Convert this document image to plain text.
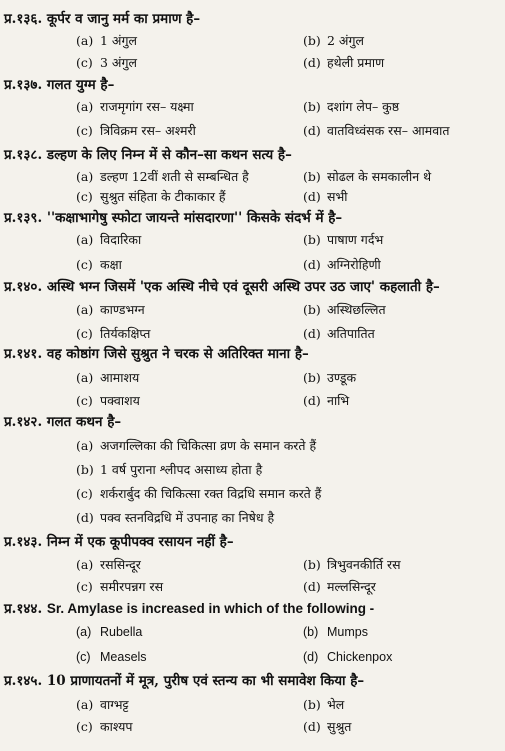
प्र.१३६. कूर्पर व जानु मर्म का प्रमाण है–
(a) 1 अंगुल	(b) 2 अंगुल
(c) 3 अंगुल	(d) हथेली प्रमाण
प्र.१३७. गलत युग्म है–
(a) राजमृगांग रस– यक्ष्मा	(b) दशांग लेप– कुष्ठ
(c) त्रिविक्रम रस– अश्मरी	(d) वातविध्वंसक रस– आमवात
प्र.१३८. डल्हण के लिए निम्न में से कौन–सा कथन सत्य है–
(a) डल्हण 12वीं शती से सम्बन्धित है	(b) सोढल के समकालीन थे
(c) सुश्रुत संहिता के टीकाकार हैं	(d) सभी
प्र.१३९. ''कक्षाभागेषु स्फोटा जायन्ते मांसदारणा'' किसके संदर्भ में है–
(a) विदारिका	(b) पाषाण गर्दभ
(c) कक्षा	(d) अग्निरोहिणी
प्र.१४०. अस्थि भग्न जिसमें 'एक अस्थि नीचे एवं दूसरी अस्थि उपर उठ जाए' कहलाती है–
(a) काण्डभग्न	(b) अस्थिछल्लित
(c) तिर्यकक्षिप्त	(d) अतिपातित
प्र.१४१. वह कोष्ठांग जिसे सुश्रुत ने चरक से अतिरिक्त माना है–
(a) आमाशय	(b) उण्डूक
(c) पक्वाशय	(d) नाभि
प्र.१४२. गलत कथन है–
(a) अजगल्लिका की चिकित्सा व्रण के समान करते हैं
(b) 1 वर्ष पुराना श्लीपद असाध्य होता है
(c) शर्करार्बुद की चिकित्सा रक्त विद्रधि समान करते हैं
(d) पक्व स्तनविद्रधि में उपनाह का निषेध है
प्र.१४३. निम्न में एक कूपीपक्व रसायन नहीं है–
(a) रससिन्दूर	(b) त्रिभुवनकीर्ति रस
(c) समीरपन्नग रस	(d) मल्लसिन्दूर
प्र.१४४. Sr. Amylase is increased in which of the following -
(a) Rubella	(b) Mumps
(c) Measels	(d) Chickenpox
प्र.१४५. 10 प्राणायतनों में मूत्र, पुरीष एवं स्तन्य का भी समावेश किया है–
(a) वाग्भट्ट	(b) भेल
(c) काश्यप	(d) सुश्रुत
